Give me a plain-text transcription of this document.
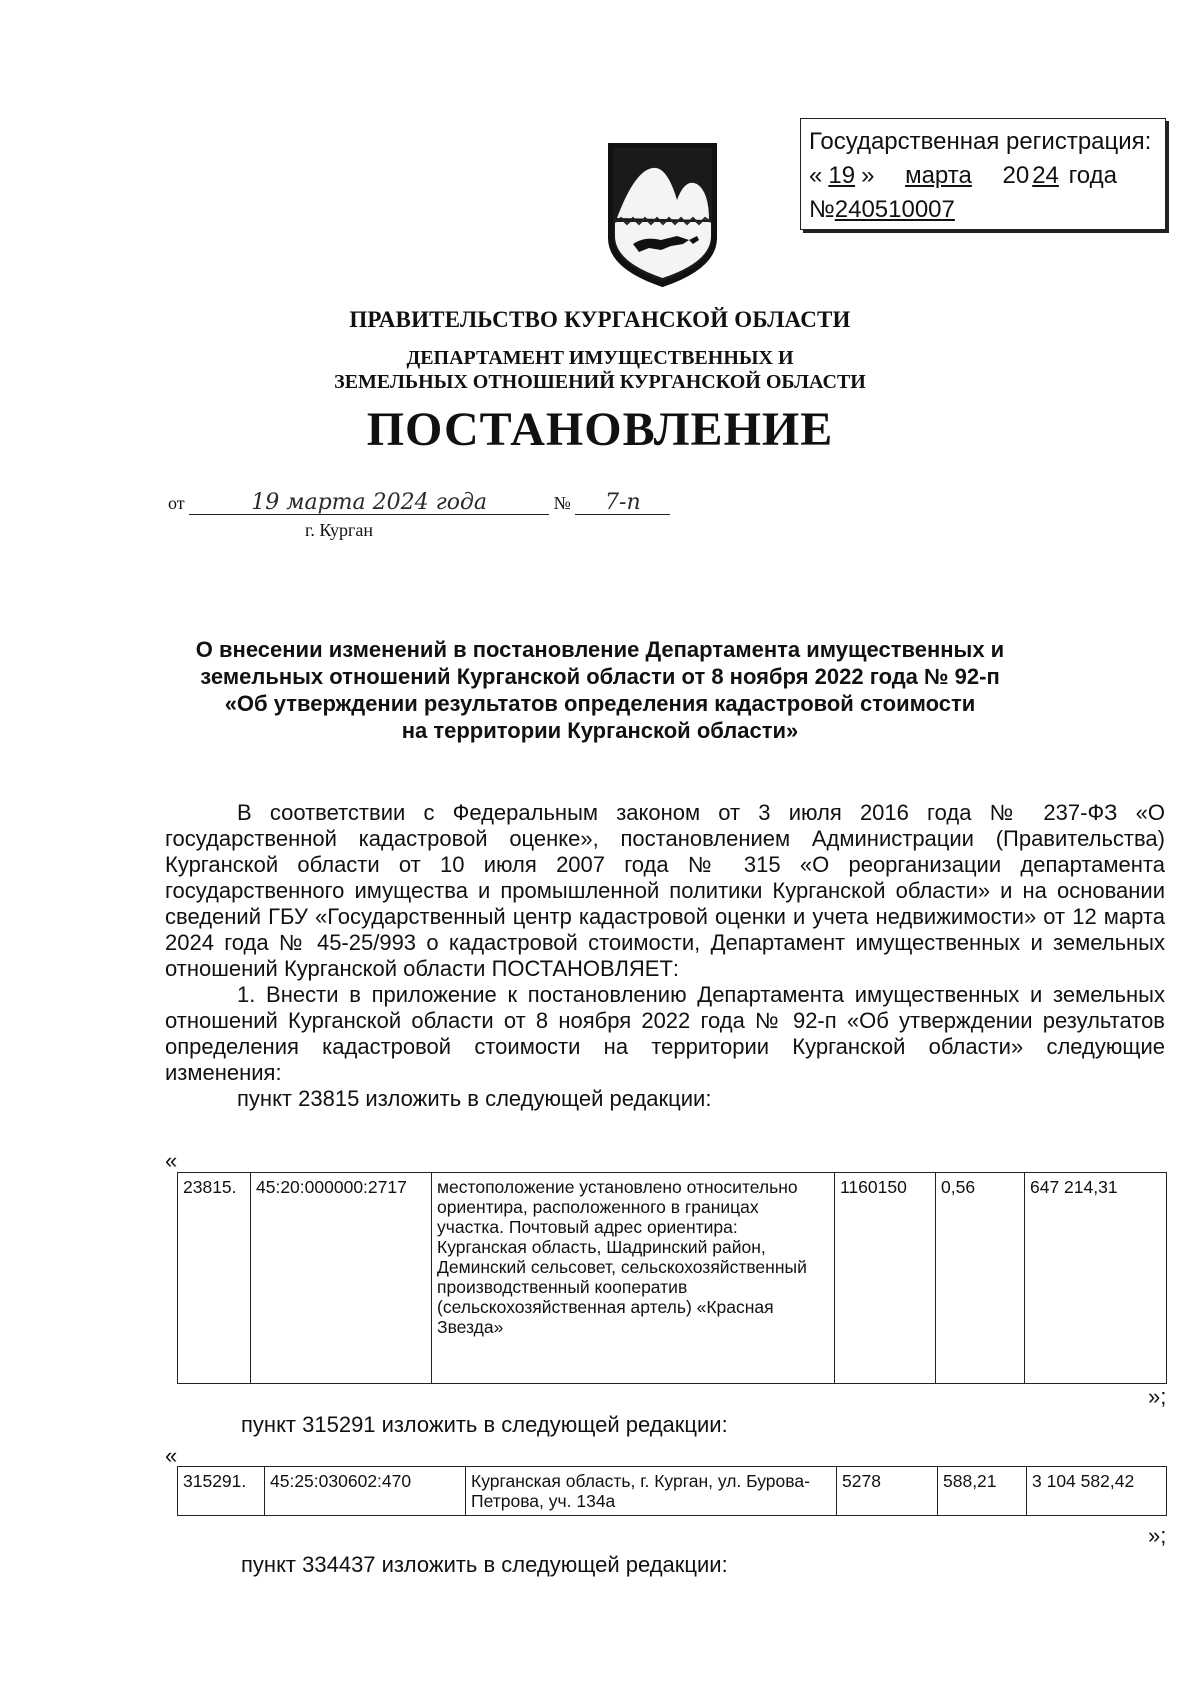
Государственная регистрация:
« 19 » марта 20 24 года
№240510007
ПРАВИТЕЛЬСТВО КУРГАНСКОЙ ОБЛАСТИ
ДЕПАРТАМЕНТ ИМУЩЕСТВЕННЫХ И
ЗЕМЕЛЬНЫХ ОТНОШЕНИЙ КУРГАНСКОЙ ОБЛАСТИ
ПОСТАНОВЛЕНИЕ
от	19 марта 2024 года	№ 7-п
г. Курган
О внесении изменений в постановление Департамента имущественных и
земельных отношений Курганской области от 8 ноября 2022 года № 92-п
«Об утверждении результатов определения кадастровой стоимости
на территории Курганской области»

В соответствии с Федеральным законом от 3 июля 2016 года № 237-ФЗ «О государственной кадастровой оценке», постановлением Администрации (Правительства) Курганской области от 10 июля 2007 года № 315 «О реорганизации департамента государственного имущества и промышленной политики Курганской области» и на основании сведений ГБУ «Государственный центр кадастровой оценки и учета недвижимости» от 12 марта 2024 года № 45-25/993 о кадастровой стоимости, Департамент имущественных и земельных отношений Курганской области ПОСТАНОВЛЯЕТ:

1. Внести в приложение к постановлению Департамента имущественных и земельных отношений Курганской области от 8 ноября 2022 года № 92-п «Об утверждении результатов определения кадастровой стоимости на территории Курганской области» следующие изменения:

пункт 23815 изложить в следующей редакции:

«
23815.	45:20:000000:2717	местоположение установлено относительно ориентира, расположенного в границах участка. Почтовый адрес ориентира: Курганская область, Шадринский район, Деминский сельсовет, сельскохозяйственный производственный кооператив (сельскохозяйственная артель) «Красная Звезда»	1160150	0,56	647 214,31
»;
пункт 315291 изложить в следующей редакции:
«
315291.	45:25:030602:470	Курганская область, г. Курган, ул. Бурова-Петрова, уч. 134а	5278	588,21	3 104 582,42
»;
пункт 334437 изложить в следующей редакции:
